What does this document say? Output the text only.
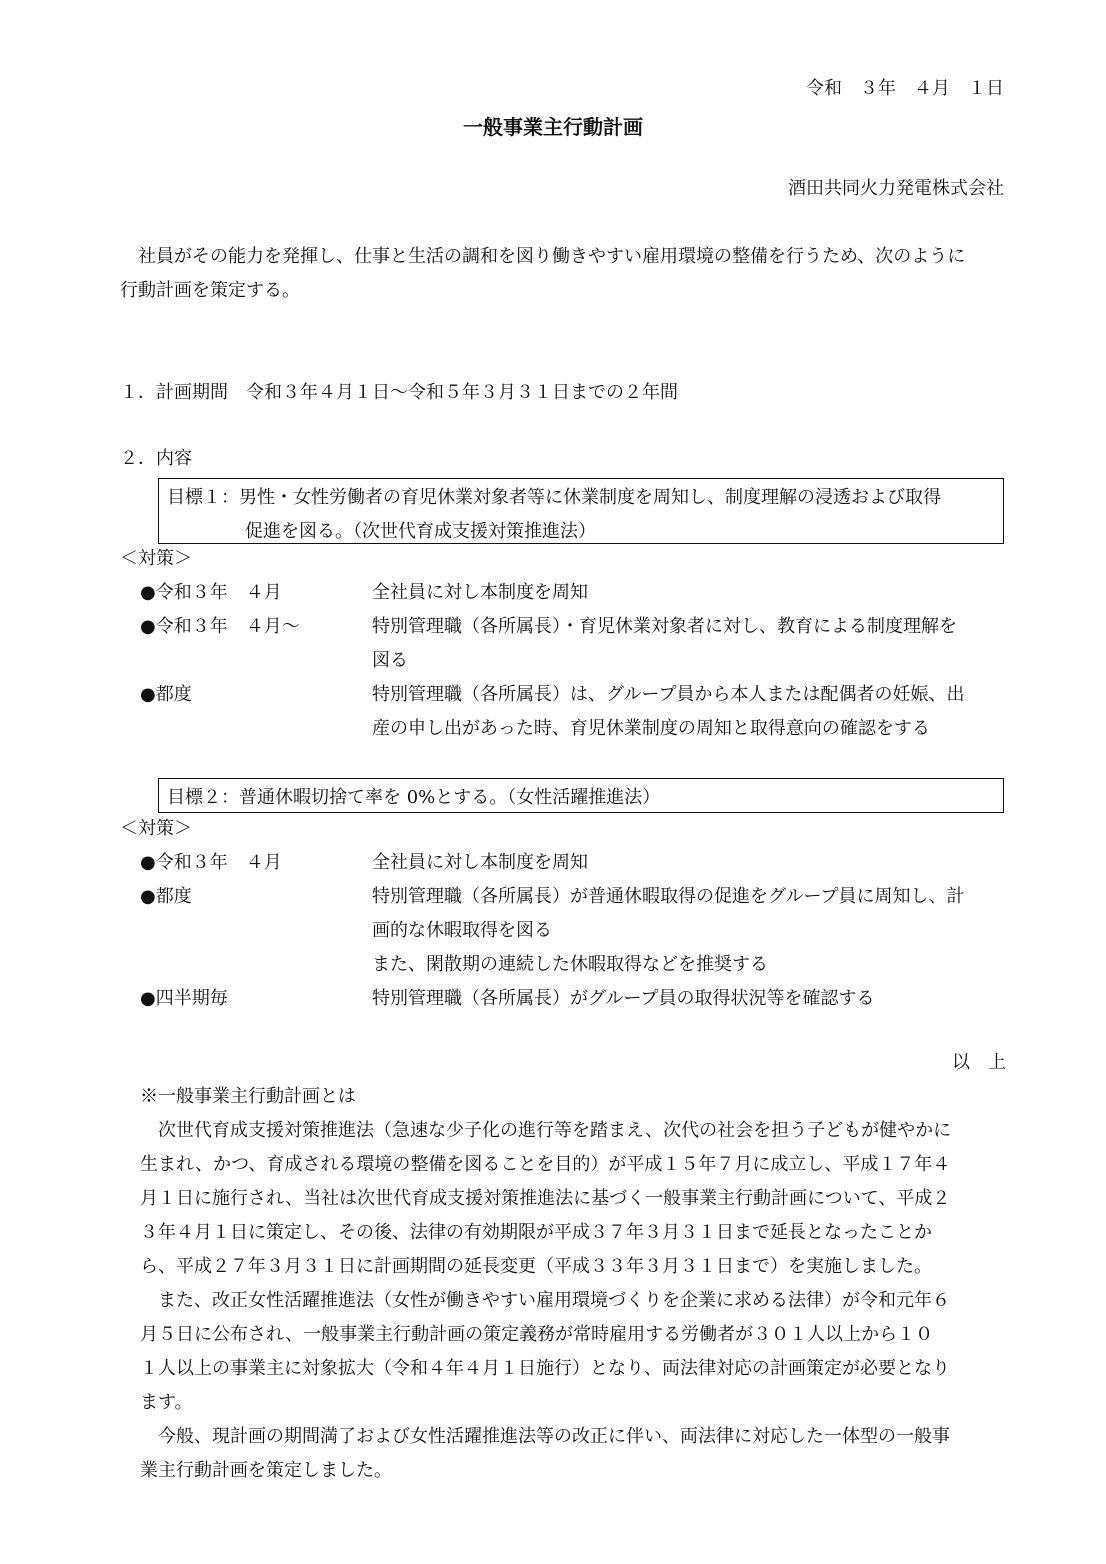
令和　３年　４月　１日
一般事業主行動計画
酒田共同火力発電株式会社

社員がその能力を発揮し、仕事と生活の調和を図り働きやすい雇用環境の整備を行うため、次のように

行動計画を策定する。
１．計画期間　令和３年４月１日～令和５年３月３１日までの２年間
２．内容
目標１：男性・女性労働者の育児休業対象者等に休業制度を周知し、制度理解の浸透および取得
促進を図る。（次世代育成支援対策推進法）
＜対策＞
●令和３年　４月	全社員に対し本制度を周知
●令和３年　４月～	特別管理職（各所属長）・育児休業対象者に対し、教育による制度理解を
図る
●都度	特別管理職（各所属長）は、グループ員から本人または配偶者の妊娠、出
産の申し出があった時、育児休業制度の周知と取得意向の確認をする
目標２：普通休暇切捨て率を 0%とする。（女性活躍推進法）
＜対策＞
●令和３年　４月	全社員に対し本制度を周知
●都度	特別管理職（各所属長）が普通休暇取得の促進をグループ員に周知し、計
画的な休暇取得を図る
また、閑散期の連続した休暇取得などを推奨する
●四半期毎	特別管理職（各所属長）がグループ員の取得状況等を確認する
以　上
※一般事業主行動計画とは
次世代育成支援対策推進法（急速な少子化の進行等を踏まえ、次代の社会を担う子どもが健やかに
生まれ、かつ、育成される環境の整備を図ることを目的）が平成１５年７月に成立し、平成１７年４
月１日に施行され、当社は次世代育成支援対策推進法に基づく一般事業主行動計画について、平成２
３年４月１日に策定し、その後、法律の有効期限が平成３７年３月３１日まで延長となったことか
ら、平成２７年３月３１日に計画期間の延長変更（平成３３年３月３１日まで）を実施しました。
また、改正女性活躍推進法（女性が働きやすい雇用環境づくりを企業に求める法律）が令和元年６
月５日に公布され、一般事業主行動計画の策定義務が常時雇用する労働者が３０１人以上から１０
１人以上の事業主に対象拡大（令和４年４月１日施行）となり、両法律対応の計画策定が必要となり
ます。
今般、現計画の期間満了および女性活躍推進法等の改正に伴い、両法律に対応した一体型の一般事
業主行動計画を策定しました。
